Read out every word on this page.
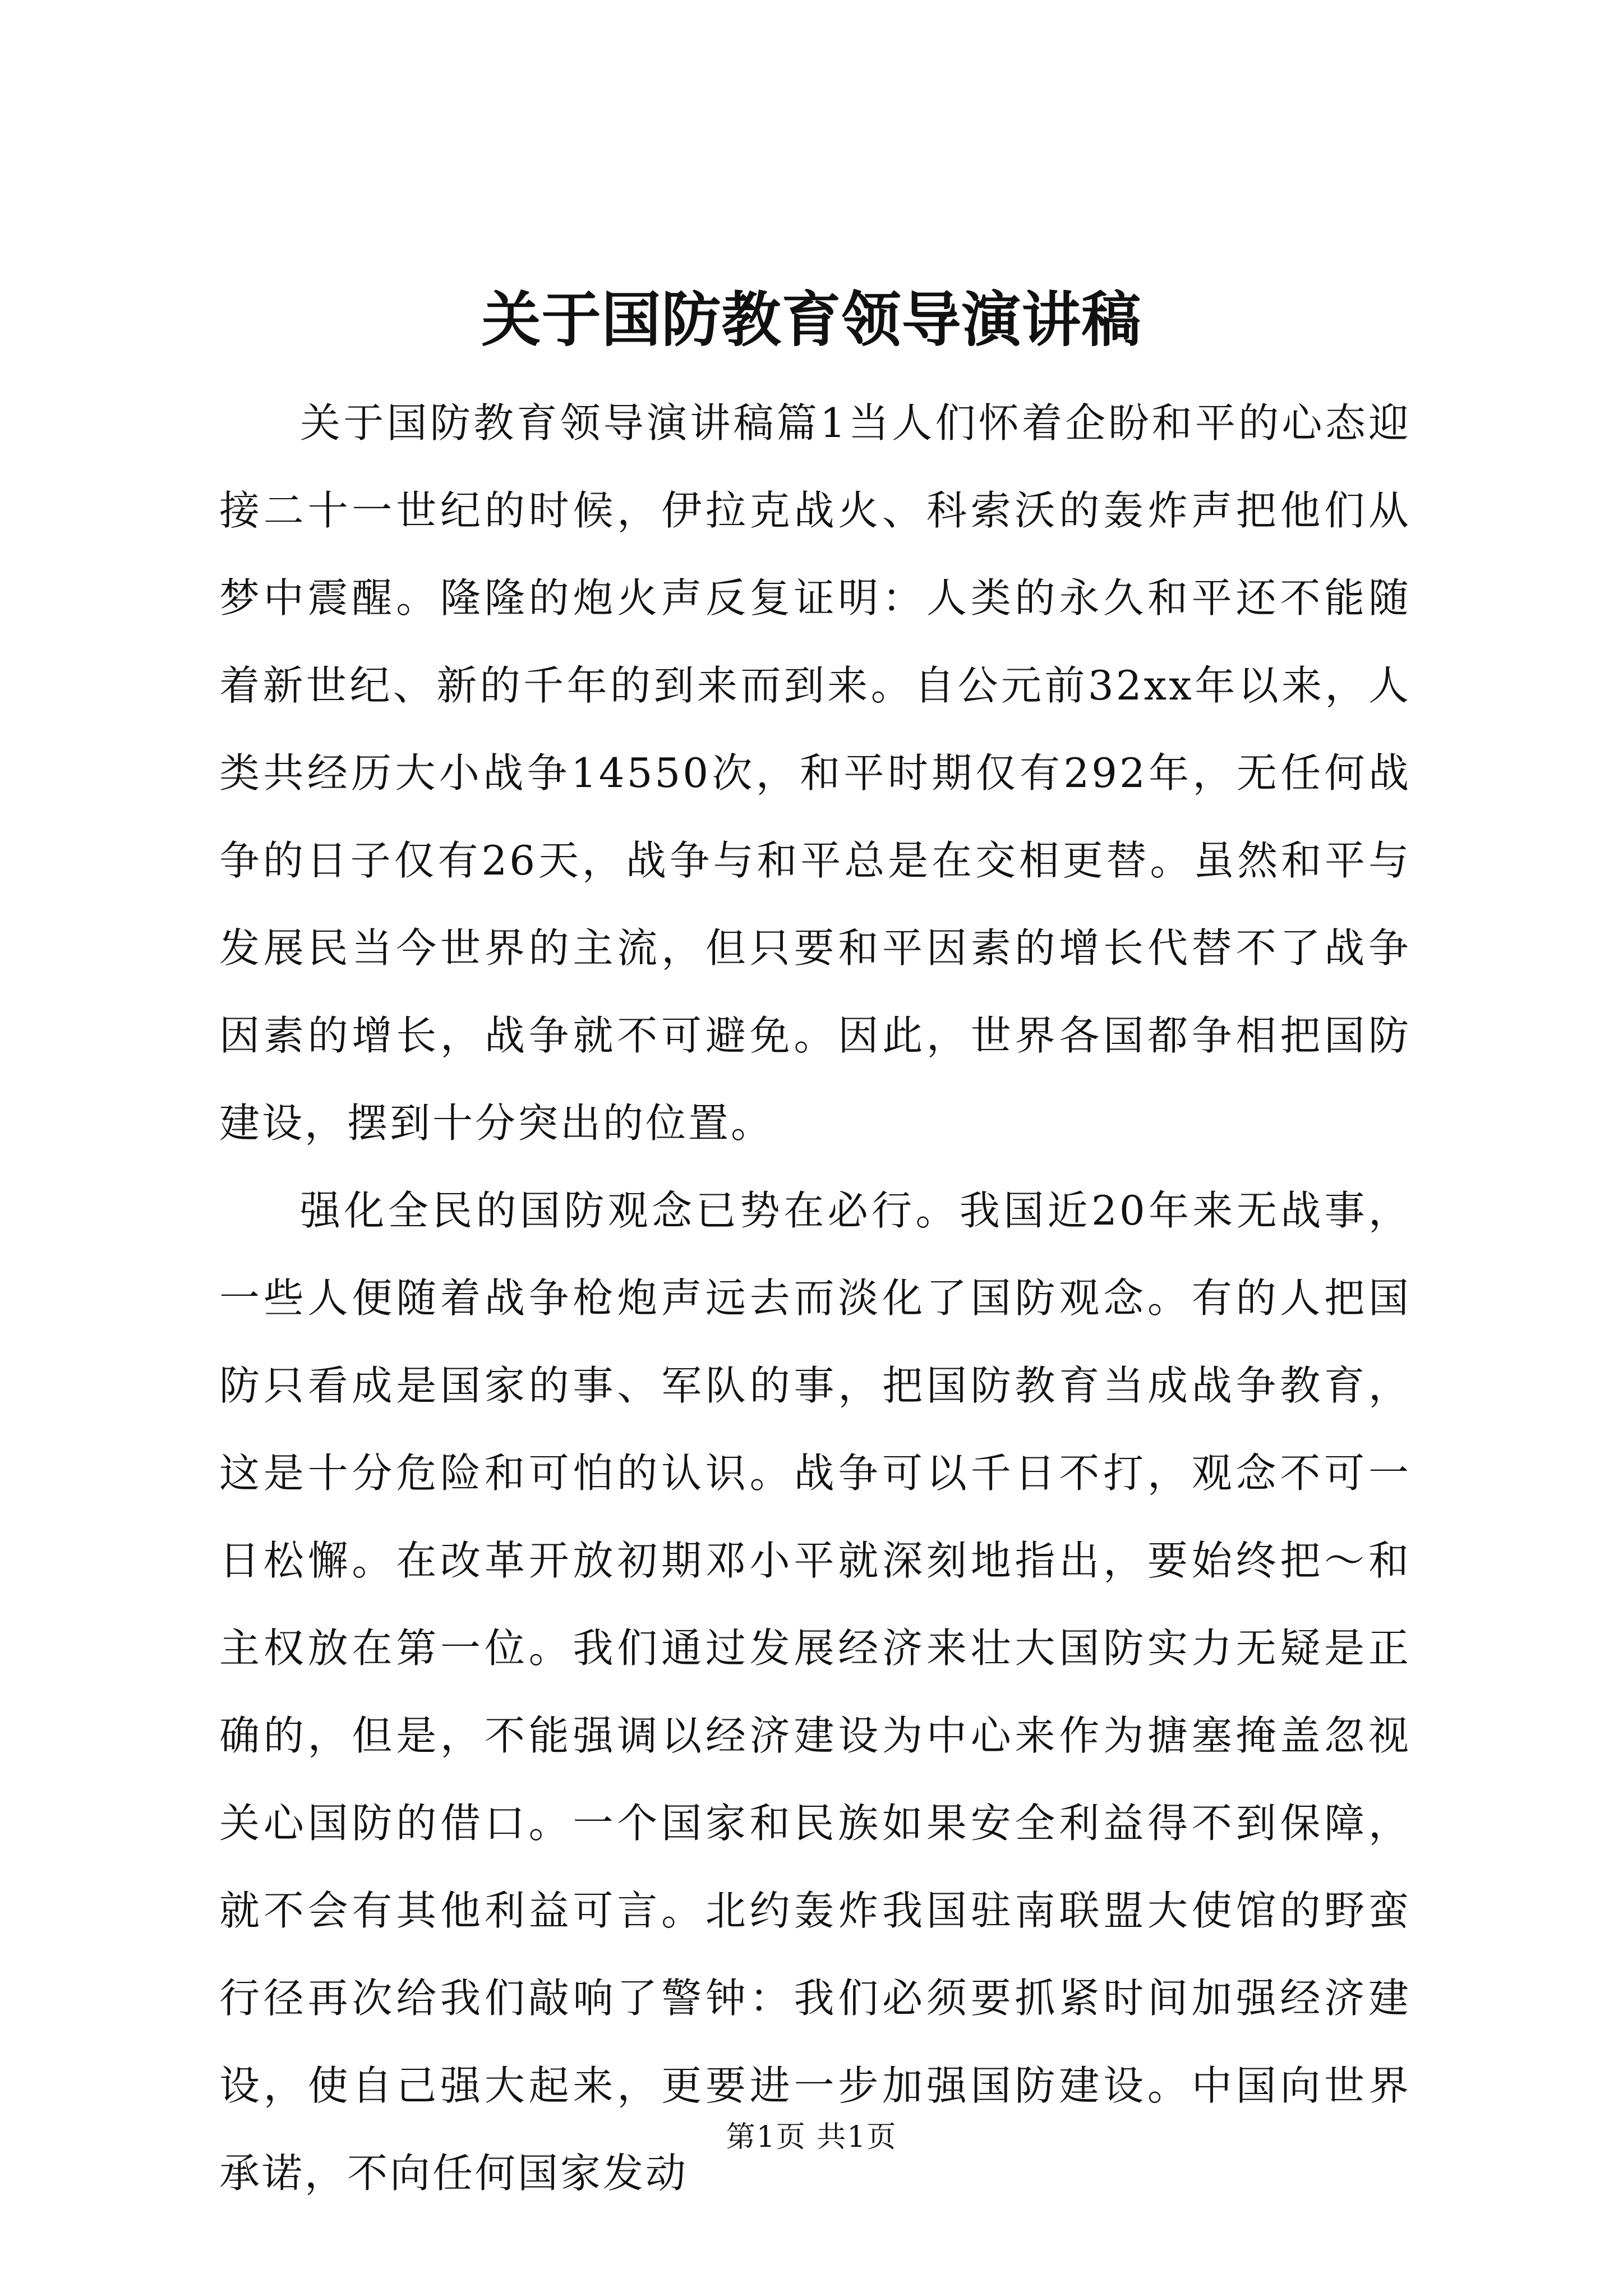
关于国防教育领导演讲稿

关于国防教育领导演讲稿篇1当人们怀着企盼和平的心态迎接二十一世纪的时候，伊拉克战火、科索沃的轰炸声把他们从梦中震醒。隆隆的炮火声反复证明：人类的永久和平还不能随着新世纪、新的千年的到来而到来。自公元前32xx年以来，人类共经历大小战争14550次，和平时期仅有292年，无任何战争的日子仅有26天，战争与和平总是在交相更替。虽然和平与发展民当今世界的主流，但只要和平因素的增长代替不了战争因素的增长，战争就不可避免。因此，世界各国都争相把国防建设，摆到十分突出的位置。

强化全民的国防观念已势在必行。我国近20年来无战事，一些人便随着战争枪炮声远去而淡化了国防观念。有的人把国防只看成是国家的事、军队的事，把国防教育当成战争教育，这是十分危险和可怕的认识。战争可以千日不打，观念不可一日松懈。在改革开放初期邓小平就深刻地指出，要始终把～和主权放在第一位。我们通过发展经济来壮大国防实力无疑是正确的，但是，不能强调以经济建设为中心来作为搪塞掩盖忽视关心国防的借口。一个国家和民族如果安全利益得不到保障，就不会有其他利益可言。北约轰炸我国驻南联盟大使馆的野蛮行径再次给我们敲响了警钟：我们必须要抓紧时间加强经济建设，使自己强大起来，更要进一步加强国防建设。中国向世界承诺，不向任何国家发动

第1页 共1页
